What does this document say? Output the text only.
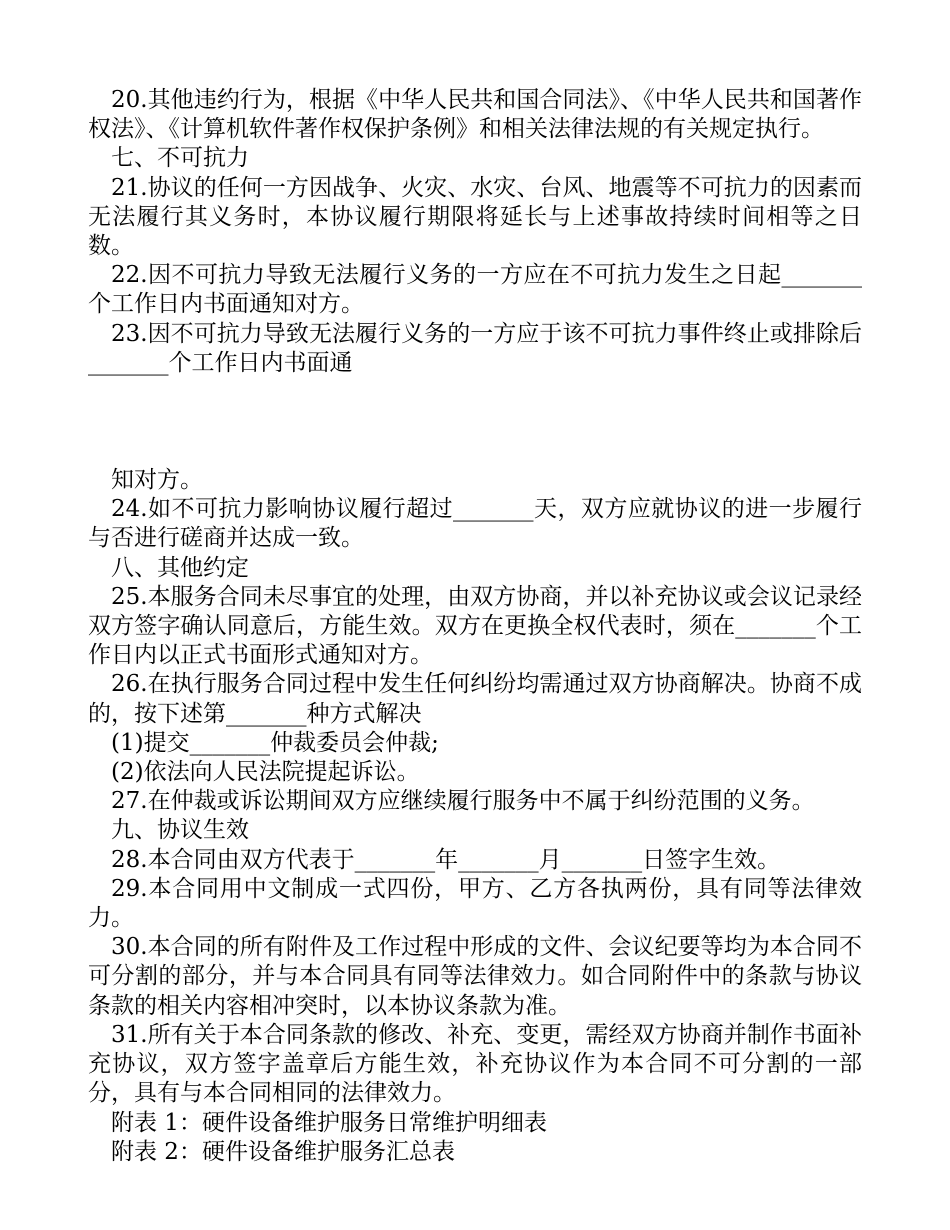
20.其他违约行为，根据《中华人民共和国合同法》、《中华人民共和国著作权法》、《计算机软件著作权保护条例》和相关法律法规的有关规定执行。

七、不可抗力

21.协议的任何一方因战争、火灾、水灾、台风、地震等不可抗力的因素而无法履行其义务时，本协议履行期限将延长与上述事故持续时间相等之日数。

22.因不可抗力导致无法履行义务的一方应在不可抗力发生之日起_______个工作日内书面通知对方。

23.因不可抗力导致无法履行义务的一方应于该不可抗力事件终止或排除后_______个工作日内书面通

知对方。

24.如不可抗力影响协议履行超过_______天，双方应就协议的进一步履行与否进行磋商并达成一致。

八、其他约定

25.本服务合同未尽事宜的处理，由双方协商，并以补充协议或会议记录经双方签字确认同意后，方能生效。双方在更换全权代表时，须在_______个工作日内以正式书面形式通知对方。

26.在执行服务合同过程中发生任何纠纷均需通过双方协商解决。协商不成的，按下述第_______种方式解决

(1)提交_______仲裁委员会仲裁;

(2)依法向人民法院提起诉讼。

27.在仲裁或诉讼期间双方应继续履行服务中不属于纠纷范围的义务。

九、协议生效

28.本合同由双方代表于_______年_______月_______日签字生效。

29.本合同用中文制成一式四份，甲方、乙方各执两份，具有同等法律效力。

30.本合同的所有附件及工作过程中形成的文件、会议纪要等均为本合同不可分割的部分，并与本合同具有同等法律效力。如合同附件中的条款与协议条款的相关内容相冲突时，以本协议条款为准。

31.所有关于本合同条款的修改、补充、变更，需经双方协商并制作书面补充协议，双方签字盖章后方能生效，补充协议作为本合同不可分割的一部分，具有与本合同相同的法律效力。

附表 1：硬件设备维护服务日常维护明细表

附表 2：硬件设备维护服务汇总表
